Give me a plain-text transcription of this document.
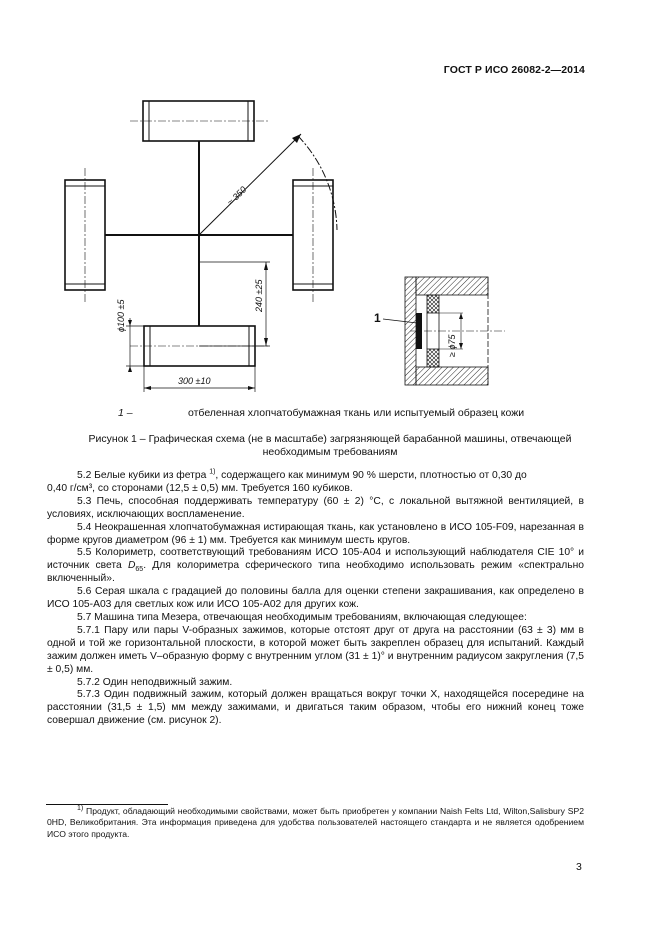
ГОСТ Р ИСО 26082-2—2014
≈ 350
ϕ100 ±5
240 ±25
300 ±10
≥ ϕ75
1
1 –	отбеленная хлопчатобумажная ткань или испытуемый образец кожи
Рисунок 1 – Графическая схема (не в масштабе) загрязняющей барабанной машины, отвечающей необходимым требованиям

5.2 Белые кубики из фетра $^{1)}$, содержащего как минимум 90 % шерсти, плотностью от 0,30 до

0,40 г/см³, со сторонами (12,5 ± 0,5) мм. Требуется 160 кубиков.

5.3 Печь, способная поддерживать температуру (60 ± 2) °С, с локальной вытяжной вентиляцией, в условиях, исключающих воспламенение.

5.4 Неокрашенная хлопчатобумажная истирающая ткань, как установлено в ИСО 105-F09, нарезанная в форме кругов диаметром (96 ± 1) мм. Требуется как минимум шесть кругов.

5.5 Колориметр, соответствующий требованиям ИСО 105-А04 и использующий наблюдателя CIE 10° и источник света $D_{65}$. Для колориметра сферического типа необходимо использовать режим «спектрально включенный».

5.6 Серая шкала с градацией до половины балла для оценки степени закрашивания, как определено в ИСО 105-А03 для светлых кож или ИСО 105-А02 для других кож.

5.7 Машина типа Мезера, отвечающая необходимым требованиям, включающая следующее:

5.7.1 Пару или пары V-образных зажимов, которые отстоят друг от друга на расстоянии (63 ± 3) мм в одной и той же горизонтальной плоскости, в которой может быть закреплен образец для испытаний. Каждый зажим должен иметь V–образную форму с внутренним углом (31 ± 1)° и внутренним радиусом закругления (7,5 ± 0,5) мм.

5.7.2 Один неподвижный зажим.

5.7.3 Один подвижный зажим, который должен вращаться вокруг точки Х, находящейся посередине на расстоянии (31,5 ± 1,5) мм между зажимами, и двигаться таким образом, чтобы его нижний конец тоже совершал движение (см. рисунок 2).

$^{1)}$ Продукт, обладающий необходимыми свойствами, может быть приобретен у компании Naish Felts Ltd, Wilton,Salisbury SP2 0HD, Великобритания. Эта информация приведена для удобства пользователей настоящего стандарта и не является одобрением ИСО этого продукта.

3
